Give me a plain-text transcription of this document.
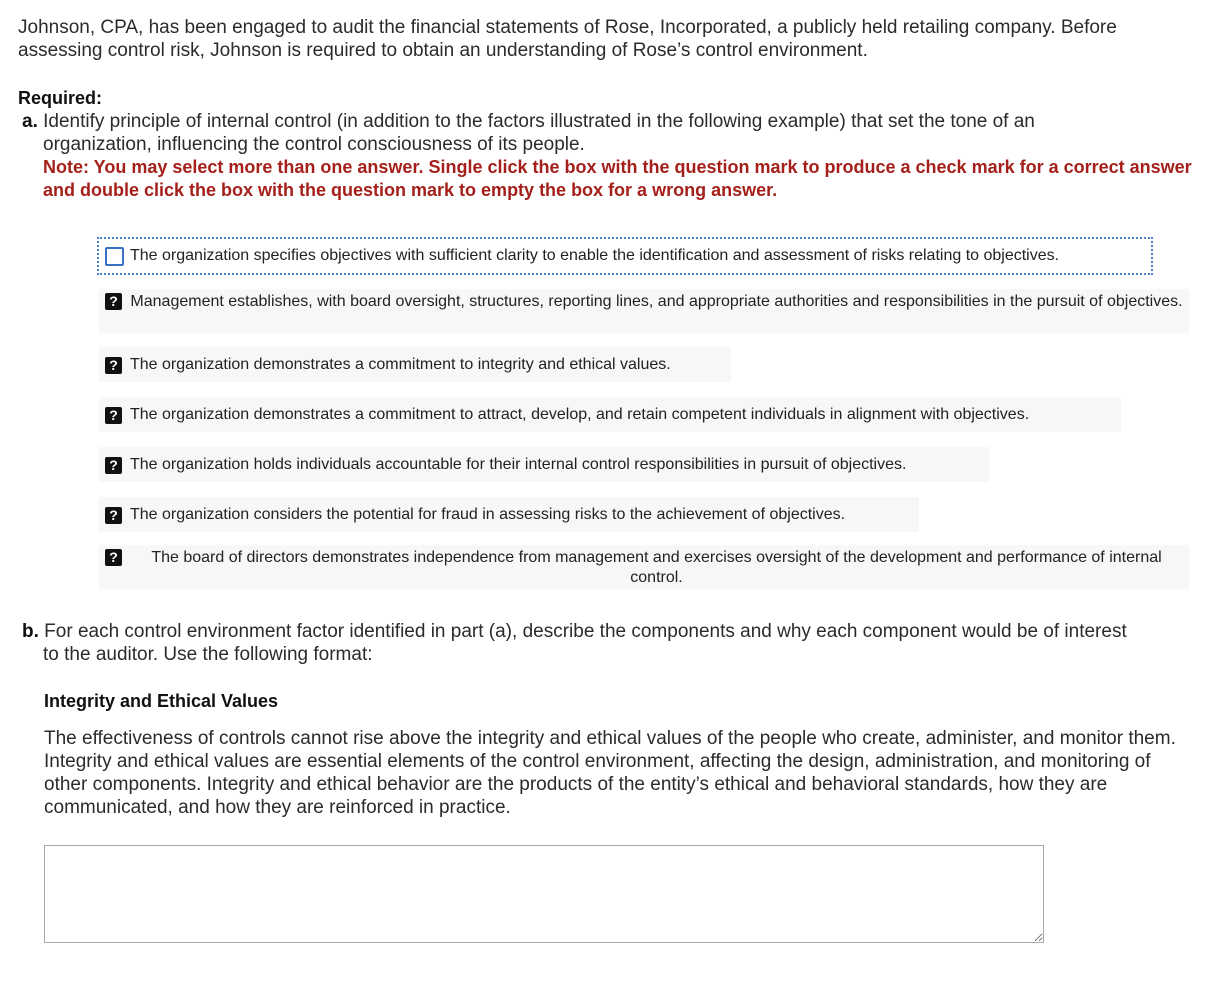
Johnson, CPA, has been engaged to audit the financial statements of Rose, Incorporated, a publicly held retailing company. Before assessing control risk, Johnson is required to obtain an understanding of Rose’s control environment.
Required:
a. Identify principle of internal control (in addition to the factors illustrated in the following example) that set the tone of an
organization, influencing the control consciousness of its people.
Note: You may select more than one answer. Single click the box with the question mark to produce a check mark for a correct answer and double click the box with the question mark to empty the box for a wrong answer.
The organization specifies objectives with sufficient clarity to enable the identification and assessment of risks relating to objectives.
? Management establishes, with board oversight, structures, reporting lines, and appropriate authorities and responsibilities in the pursuit of objectives.
? The organization demonstrates a commitment to integrity and ethical values.
? The organization demonstrates a commitment to attract, develop, and retain competent individuals in alignment with objectives.
? The organization holds individuals accountable for their internal control responsibilities in pursuit of objectives.
? The organization considers the potential for fraud in assessing risks to the achievement of objectives.
?	The board of directors demonstrates independence from management and exercises oversight of the development and performance of internal control.
b. For each control environment factor identified in part (a), describe the components and why each component would be of interest
to the auditor. Use the following format:
Integrity and Ethical Values
The effectiveness of controls cannot rise above the integrity and ethical values of the people who create, administer, and monitor them. Integrity and ethical values are essential elements of the control environment, affecting the design, administration, and monitoring of other components. Integrity and ethical behavior are the products of the entity’s ethical and behavioral standards, how they are communicated, and how they are reinforced in practice.
